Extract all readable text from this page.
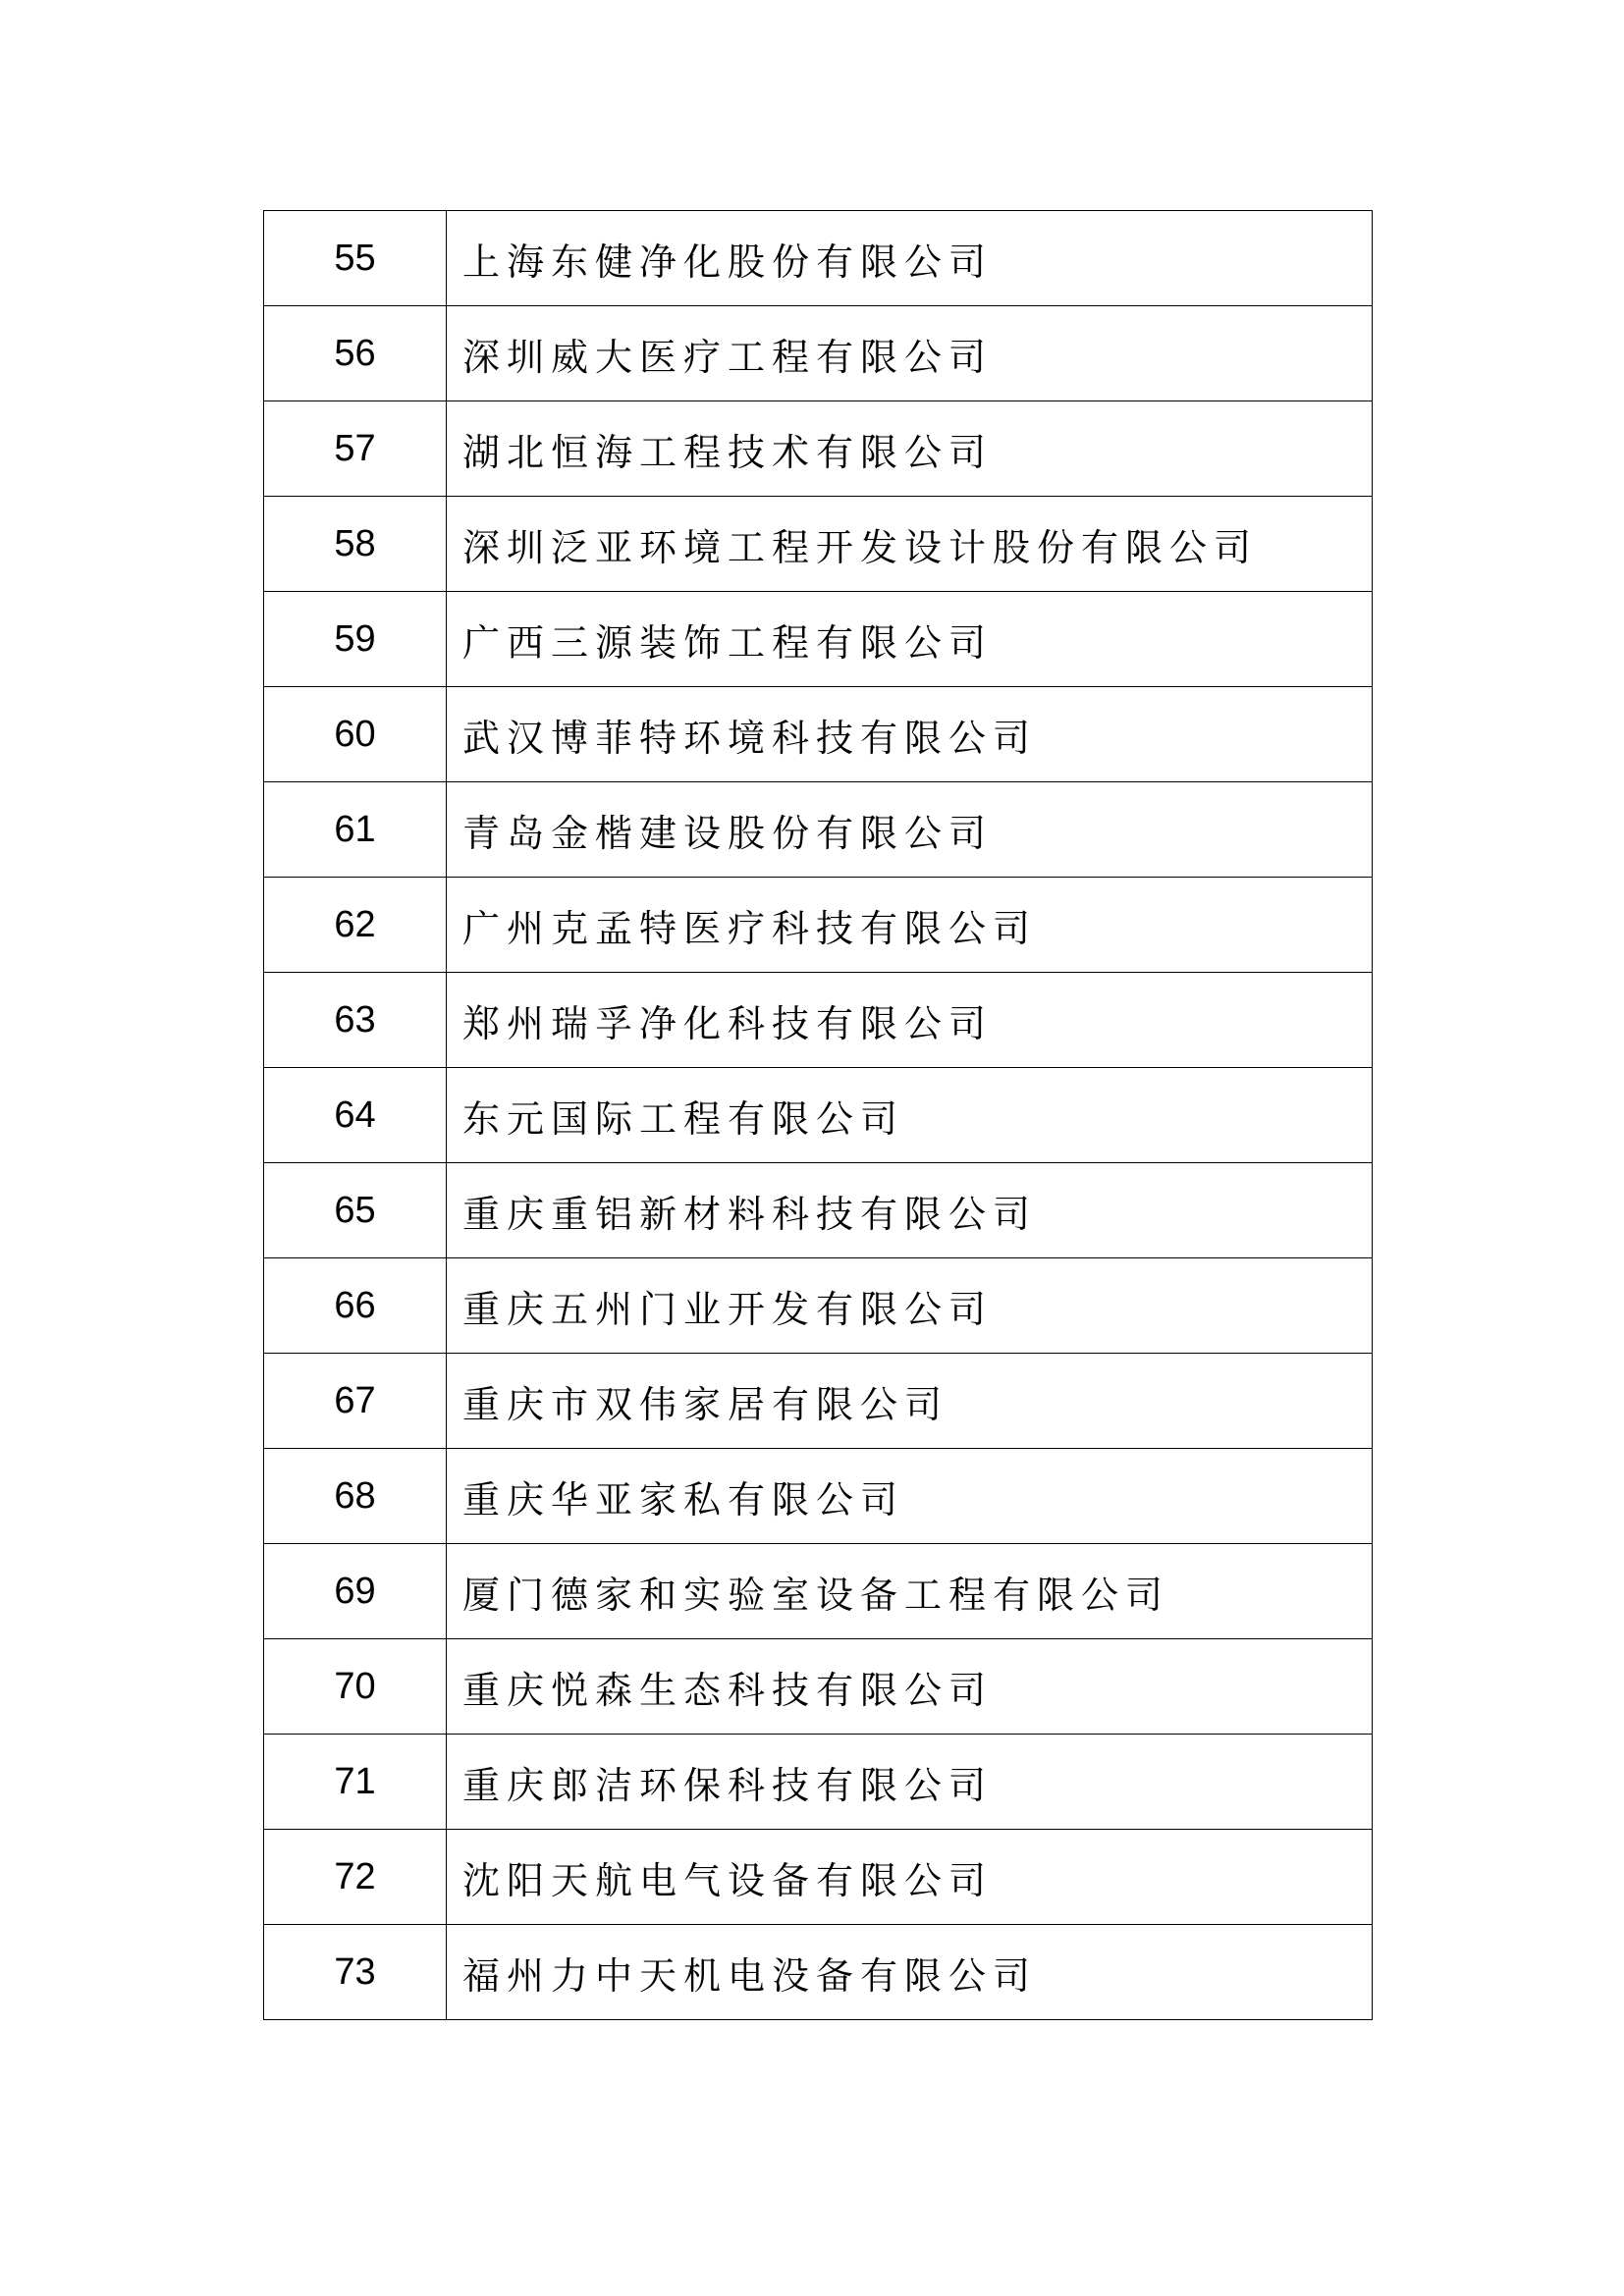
55	上海东健净化股份有限公司
56	深圳威大医疗工程有限公司
57	湖北恒海工程技术有限公司
58	深圳泛亚环境工程开发设计股份有限公司
59	广西三源装饰工程有限公司
60	武汉博菲特环境科技有限公司
61	青岛金楷建设股份有限公司
62	广州克孟特医疗科技有限公司
63	郑州瑞孚净化科技有限公司
64	东元国际工程有限公司
65	重庆重铝新材料科技有限公司
66	重庆五州门业开发有限公司
67	重庆市双伟家居有限公司
68	重庆华亚家私有限公司
69	厦门德家和实验室设备工程有限公司
70	重庆悦森生态科技有限公司
71	重庆郎洁环保科技有限公司
72	沈阳天航电气设备有限公司
73	福州力中天机电没备有限公司
